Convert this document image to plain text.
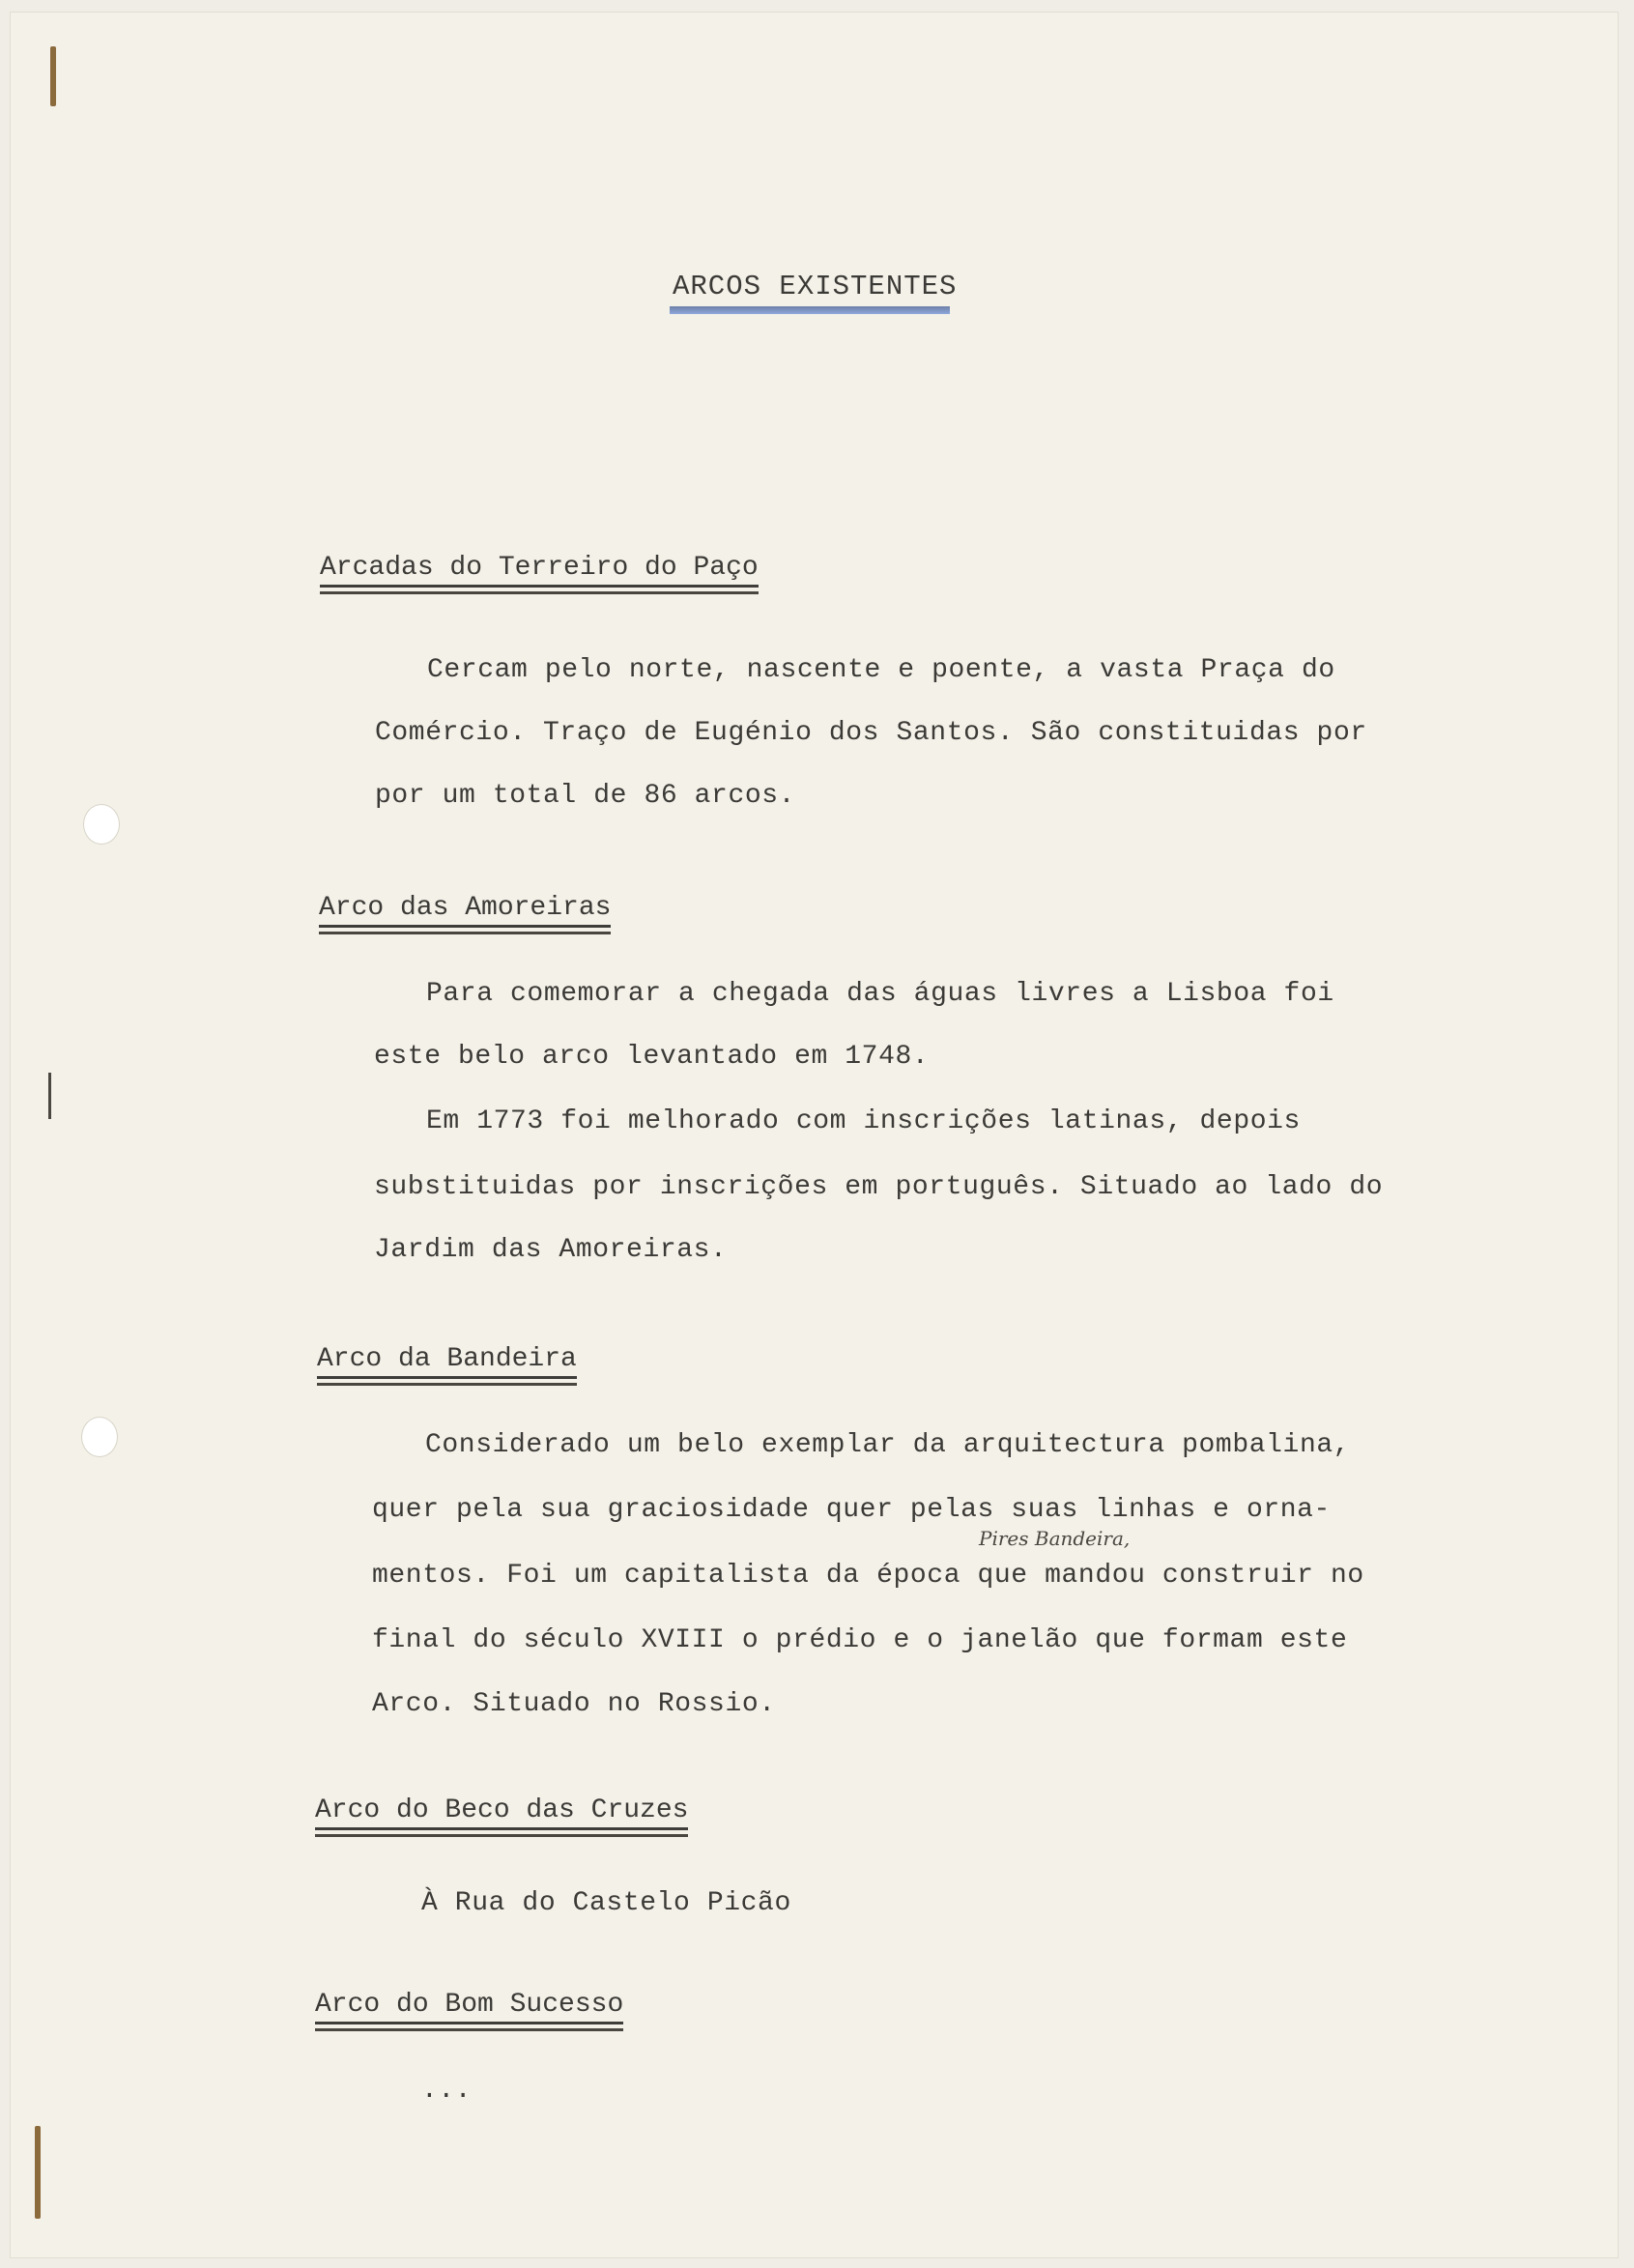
ARCOS EXISTENTES
Arcadas do Terreiro do Paço
Cercam pelo norte, nascente e poente, a vasta Praça do
Comércio. Traço de Eugénio dos Santos. São constituidas por
por um total de 86 arcos.
Arco das Amoreiras
Para comemorar a chegada das águas livres a Lisboa foi
este belo arco levantado em 1748.
Em 1773 foi melhorado com inscrições latinas, depois
substituidas por inscrições em português. Situado ao lado do
Jardim das Amoreiras.
Arco da Bandeira
Considerado um belo exemplar da arquitectura pombalina,
quer pela sua graciosidade quer pelas suas linhas e orna-
Pires Bandeira,
mentos. Foi um capitalista da época que mandou construir no
final do século XVIII o prédio e o janelão que formam este
Arco. Situado no Rossio.
Arco do Beco das Cruzes
À Rua do Castelo Picão
Arco do Bom Sucesso
...
